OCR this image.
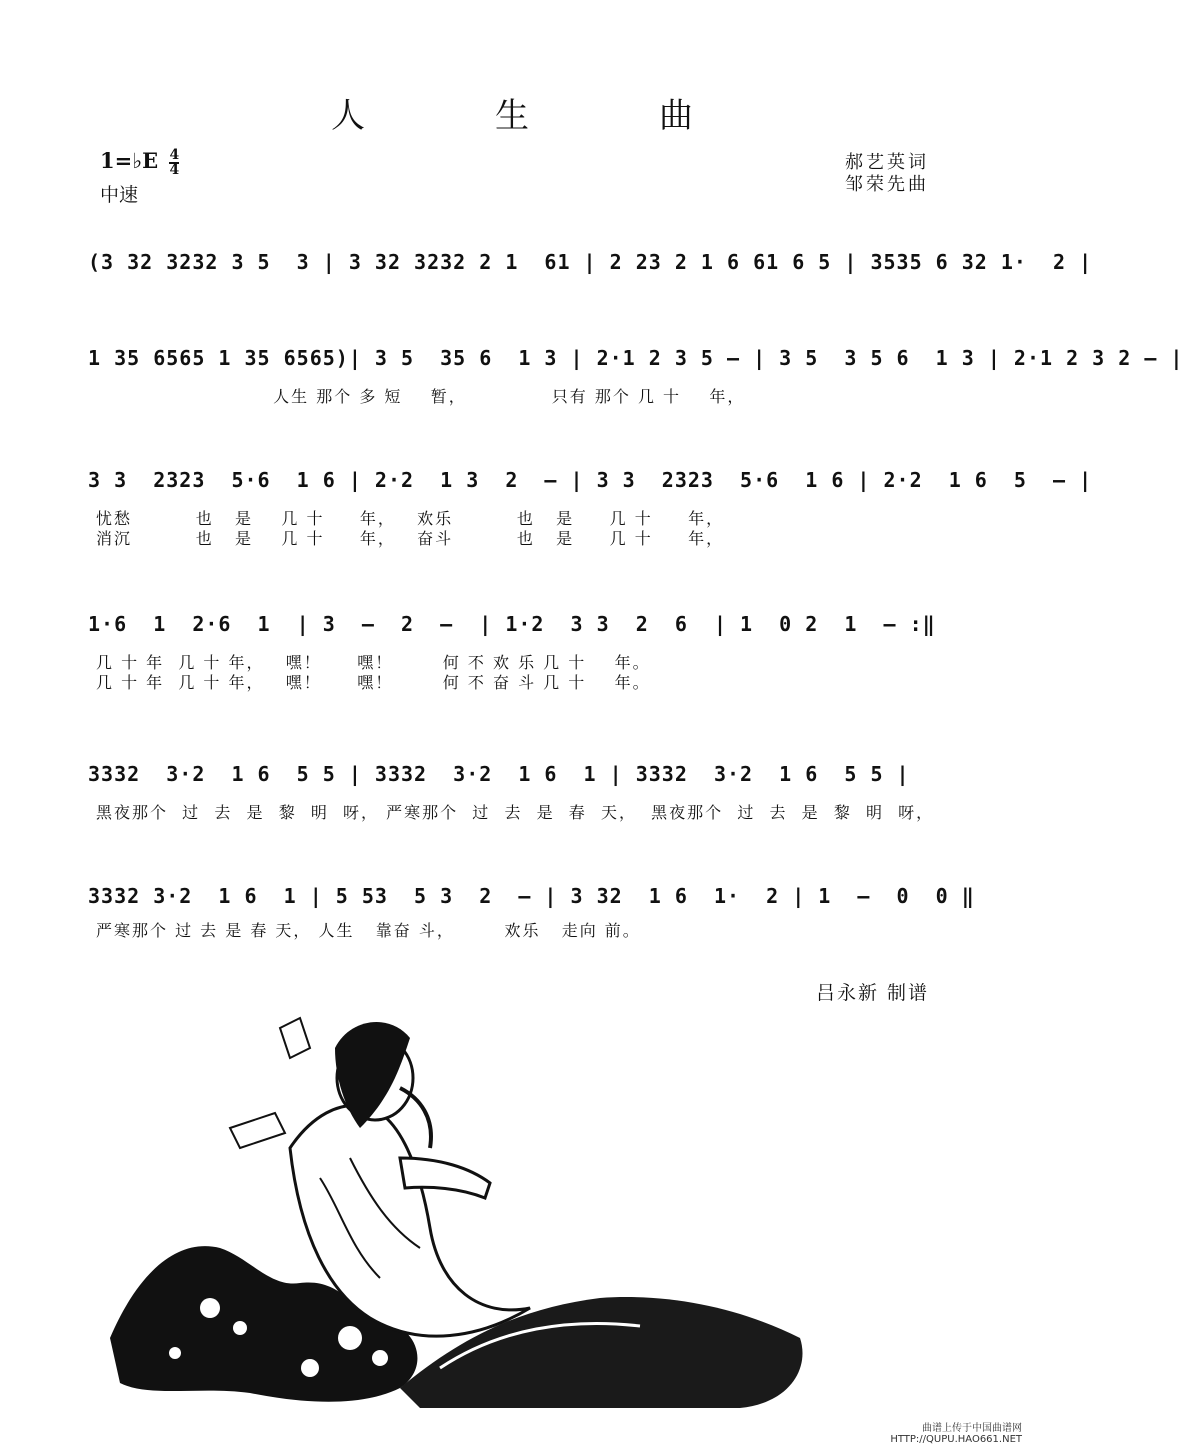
人　生　曲
1=♭E $\frac{4}{4}$
中速
郝艺英词
邹荣先曲
(3 32 3232 3 5  3 | 3 32 3232 2 1  61 | 2 23 2 1 6 61 6 5 | 3535 6 32 1·  2 |
1 35 6565 1 35 6565)| 3 5  35 6  1 3 | 2·1 2 3 5 — | 3 5  3 5 6  1 3 | 2·1 2 3 2 — |
人生 那个 多 短    暂，            只有 那个 几 十    年，
3 3  2323  5·6  1 6 | 2·2  1 3  2  — | 3 3  2323  5·6  1 6 | 2·2  1 6  5  — |
忧愁         也   是    几 十     年，   欢乐         也   是     几 十     年，
消沉         也   是    几 十     年，   奋斗         也   是     几 十     年，
1·6  1  2·6  1  | 3  —  2  —  | 1·2  3 3  2  6  | 1  0 2  1  — :‖
几 十 年  几 十 年，   嘿！     嘿！       何 不 欢 乐 几 十    年。
几 十 年  几 十 年，   嘿！     嘿！       何 不 奋 斗 几 十    年。
3332  3·2  1 6  5 5 | 3332  3·2  1 6  1 | 3332  3·2  1 6  5 5 |
黑夜那个  过  去  是  黎  明  呀， 严寒那个  过  去  是  春  天，  黑夜那个  过  去  是  黎  明  呀，
3332 3·2  1 6  1 | 5 53  5 3  2  — | 3 32  1 6  1·  2 | 1  —  0  0 ‖
严寒那个 过 去 是 春 天， 人生   靠奋 斗，       欢乐   走向 前。
吕永新 制谱
曲谱上传于中国曲谱网
HTTP://QUPU.HAO661.NET
